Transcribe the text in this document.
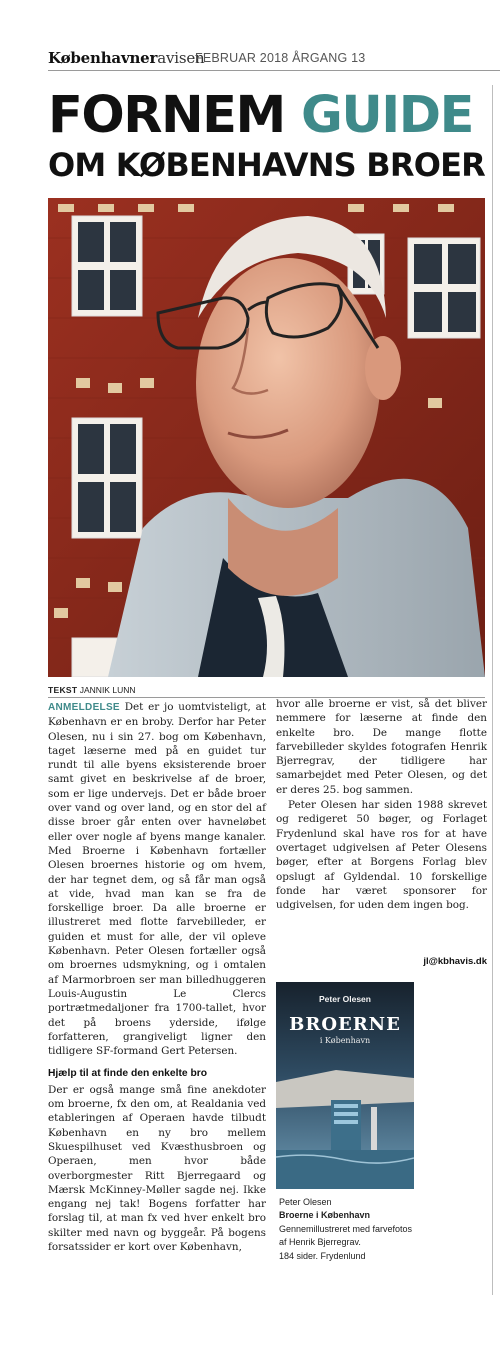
Københavneravisen
FEBRUAR 2018 ÅRGANG 13
FORNEM GUIDE
OM KØBENHAVNS BROER
TEKST JANNIK LUNN

ANMELDELSE Det er jo uomtvisteligt, at København er en broby. Derfor har Peter Olesen, nu i sin 27. bog om København, taget læserne med på en guidet tur rundt til alle byens eksisterende broer samt givet en beskrivelse af de broer, som er lige undervejs. Det er både broer over vand og over land, og en stor del af disse broer går enten over havneløbet eller over nogle af byens mange kanaler. Med Broerne i København fortæller Olesen broernes historie og om hvem, der har tegnet dem, og så får man også at vide, hvad man kan se fra de forskellige broer. Da alle broerne er illustreret med flotte farvebilleder, er guiden et must for alle, der vil opleve København. Peter Olesen fortæller også om broernes udsmykning, og i omtalen af Marmorbroen ser man billedhuggeren Louis-Augustin Le Clercs portrætmedaljoner fra 1700-tallet, hvor det på broens yderside, ifølge forfatteren, grangiveligt ligner den tidligere SF-formand Gert Petersen.

Hjælp til at finde den enkelte bro

Der er også mange små fine anekdoter om broerne, fx den om, at Realdania ved etableringen af Operaen havde tilbudt København en ny bro mellem Skuespilhuset ved Kvæsthusbroen og Operaen, men hvor både overborgmester Ritt Bjerregaard og Mærsk McKinney-Møller sagde nej. Ikke engang nej tak! Bogens forfatter har forslag til, at man fx ved hver enkelt bro skilter med navn og byggeår. På bogens forsatssider er kort over København,

hvor alle broerne er vist, så det bliver nemmere for læserne at finde den enkelte bro. De mange flotte farvebilleder skyldes fotografen Henrik Bjerregrav, der tidligere har samarbejdet med Peter Olesen, og det er deres 25. bog sammen.

Peter Olesen har siden 1988 skrevet og redigeret 50 bøger, og Forlaget Frydenlund skal have ros for at have overtaget udgivelsen af Peter Olesens bøger, efter at Borgens Forlag blev opslugt af Gyldendal. 10 forskellige fonde har været sponsorer for udgivelsen, for uden dem ingen bog.

jl@kbhavis.dk
Peter Olesen
BROERNE
i København
Peter Olesen
Broerne i København
Gennemillustreret med farvefotos
af Henrik Bjerregrav.
184 sider. Frydenlund
